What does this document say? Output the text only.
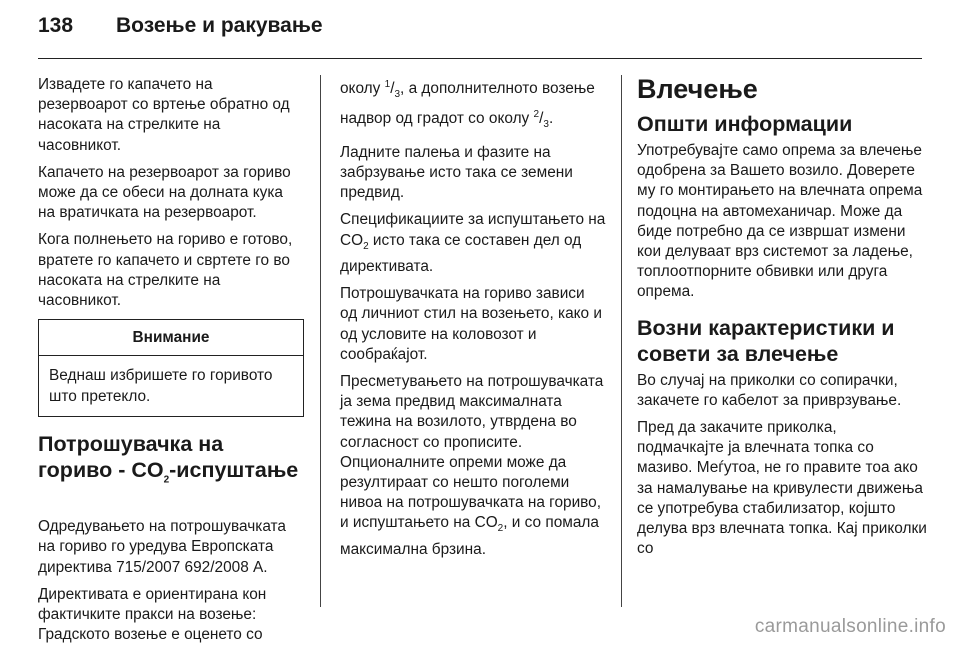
138 Возење и ракување

Извадете го капачето на резервоарот со вртење обратно од насоката на стрелките на часовникот.

Капачето на резервоарот за гориво може да се обеси на долната кука на вратичката на резервоарот.

Кога полнењето на гориво е готово, вратете го капачето и свртете го во насоката на стрелките на часовникот.

Внимание
Веднаш избришете го горивото што претекло.
Потрошувачка на
гориво - $CO_2$-испуштање

Одредувањето на потрошувачката на гориво го уредува Европската директива 715/2007 692/2008 А.

Директивата е ориентирана кон фактичките пракси на возење: Градското возење е оценето со

околу $^1/_3$, а дополнителното возење надвор од градот со околу $^2/_3$.

Ладните палења и фазите на забрзување исто така се земени предвид.

Спецификациите за испуштањето на $CO_2$ исто така се составен дел од директивата.

Потрошувачката на гориво зависи од личниот стил на возењето, како и од условите на коловозот и сообраќајот.

Пресметувањето на потрошувачката ја зема предвид максималната тежина на возилото, утврдена во согласност со прописите. Опционалните опреми може да резултираат со нешто поголеми нивоа на потрошувачката на гориво, и испуштањето на $CO_2$, и со помала максимална брзина.

Влечење
Општи информации

Употребувајте само опрема за влечење одобрена за Вашето возило. Доверете му го монтирањето на влечната опрема подоцна на автомеханичар. Може да биде потребно да се извршат измени кои делуваат врз системот за ладење, топлоотпорните обвивки или друга опрема.

Возни карактеристики и совети за влечење

Во случај на приколки со сопирачки, закачете го кабелот за приврзување.

Пред да закачите приколка, подмачкајте ја влечната топка со мазиво. Меѓутоа, не го правите тоа ако за намалување на кривулести движења се употребува стабилизатор, којшто делува врз влечната топка. Кај приколки со

carmanualsonline.info
